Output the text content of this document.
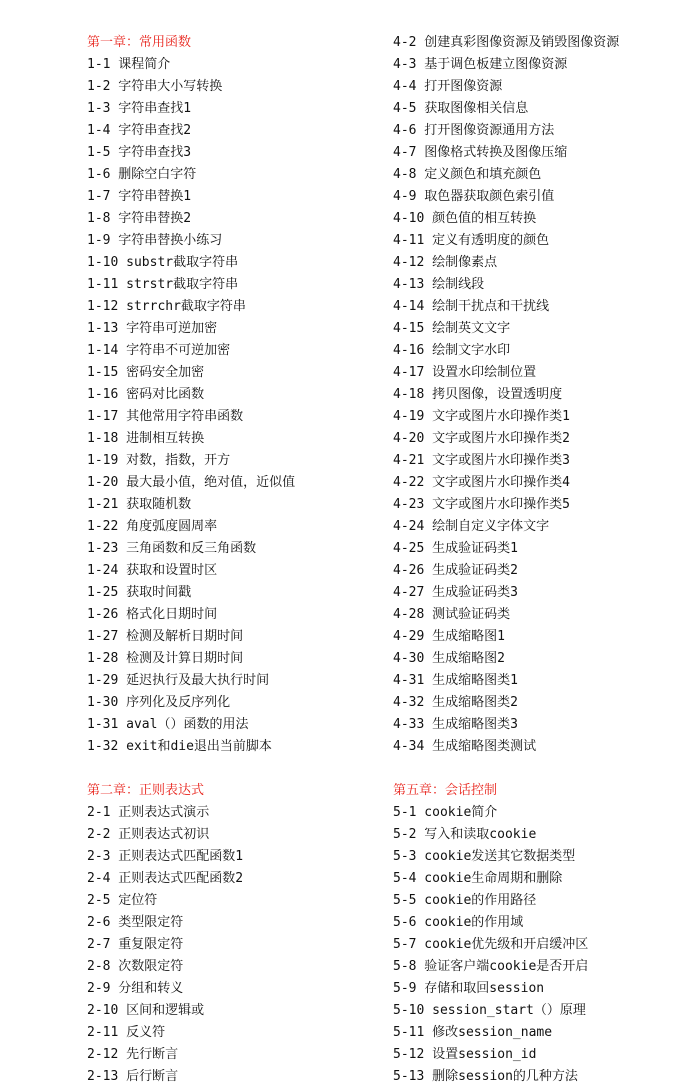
第一章：常用函数
1-1 课程简介
1-2 字符串大小写转换
1-3 字符串查找1
1-4 字符串查找2
1-5 字符串查找3
1-6 删除空白字符
1-7 字符串替换1
1-8 字符串替换2
1-9 字符串替换小练习
1-10 substr截取字符串
1-11 strstr截取字符串
1-12 strrchr截取字符串
1-13 字符串可逆加密
1-14 字符串不可逆加密
1-15 密码安全加密
1-16 密码对比函数
1-17 其他常用字符串函数
1-18 进制相互转换
1-19 对数，指数，开方
1-20 最大最小值，绝对值，近似值
1-21 获取随机数
1-22 角度弧度圆周率
1-23 三角函数和反三角函数
1-24 获取和设置时区
1-25 获取时间戳
1-26 格式化日期时间
1-27 检测及解析日期时间
1-28 检测及计算日期时间
1-29 延迟执行及最大执行时间
1-30 序列化及反序列化
1-31 aval（）函数的用法
1-32 exit和die退出当前脚本
第二章：正则表达式
2-1 正则表达式演示
2-2 正则表达式初识
2-3 正则表达式匹配函数1
2-4 正则表达式匹配函数2
2-5 定位符
2-6 类型限定符
2-7 重复限定符
2-8 次数限定符
2-9 分组和转义
2-10 区间和逻辑或
2-11 反义符
2-12 先行断言
2-13 后行断言
4-2 创建真彩图像资源及销毁图像资源
4-3 基于调色板建立图像资源
4-4 打开图像资源
4-5 获取图像相关信息
4-6 打开图像资源通用方法
4-7 图像格式转换及图像压缩
4-8 定义颜色和填充颜色
4-9 取色器获取颜色索引值
4-10 颜色值的相互转换
4-11 定义有透明度的颜色
4-12 绘制像素点
4-13 绘制线段
4-14 绘制干扰点和干扰线
4-15 绘制英文文字
4-16 绘制文字水印
4-17 设置水印绘制位置
4-18 拷贝图像，设置透明度
4-19 文字或图片水印操作类1
4-20 文字或图片水印操作类2
4-21 文字或图片水印操作类3
4-22 文字或图片水印操作类4
4-23 文字或图片水印操作类5
4-24 绘制自定义字体文字
4-25 生成验证码类1
4-26 生成验证码类2
4-27 生成验证码类3
4-28 测试验证码类
4-29 生成缩略图1
4-30 生成缩略图2
4-31 生成缩略图类1
4-32 生成缩略图类2
4-33 生成缩略图类3
4-34 生成缩略图类测试
第五章：会话控制
5-1 cookie简介
5-2 写入和读取cookie
5-3 cookie发送其它数据类型
5-4 cookie生命周期和删除
5-5 cookie的作用路径
5-6 cookie的作用域
5-7 cookie优先级和开启缓冲区
5-8 验证客户端cookie是否开启
5-9 存储和取回session
5-10 session_start（）原理
5-11 修改session_name
5-12 设置session_id
5-13 删除session的几种方法
